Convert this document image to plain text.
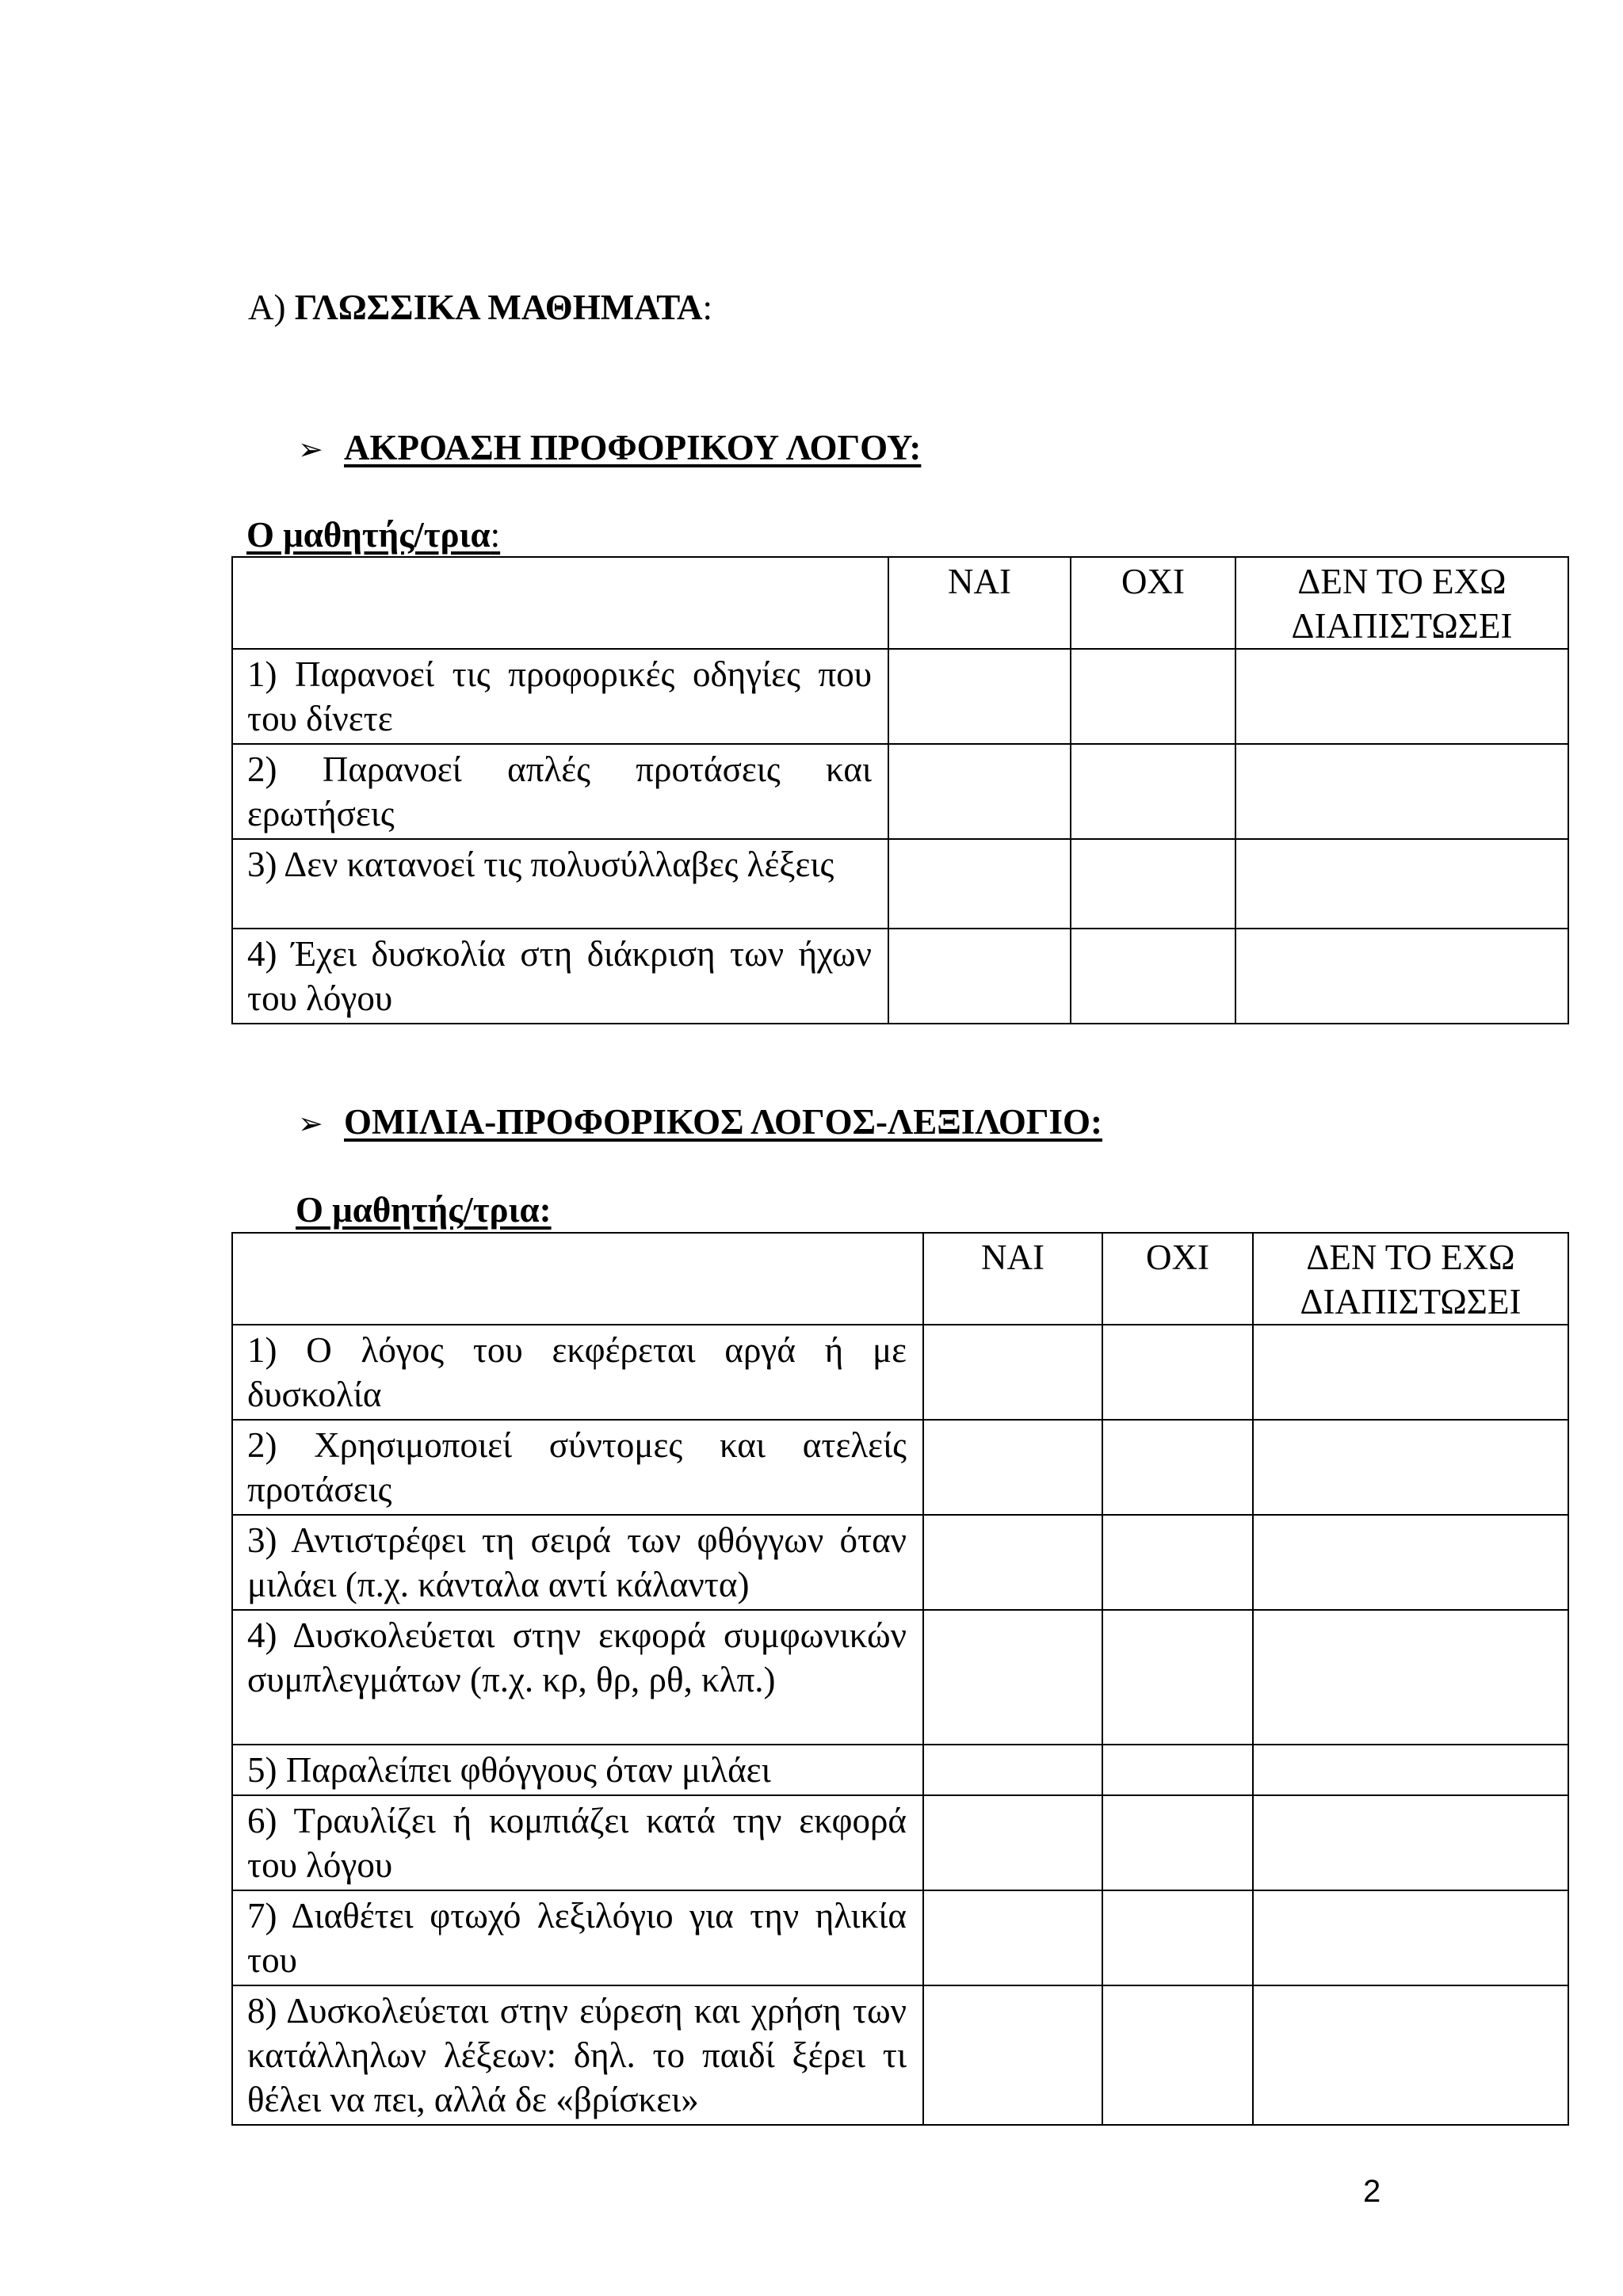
Α) ΓΛΩΣΣΙΚΑ ΜΑΘΗΜΑΤΑ:
➢ ΑΚΡΟΑΣΗ ΠΡΟΦΟΡΙΚΟΥ ΛΟΓΟΥ:
Ο μαθητής/τρια:
	ΝΑΙ	ΟΧΙ	ΔΕΝ ΤΟ ΕΧΩ ΔΙΑΠΙΣΤΩΣΕΙ
1) Παρανοεί τις προφορικές οδηγίες που του δίνετε			
2) Παρανοεί απλές προτάσεις και ερωτήσεις			
3) Δεν κατανοεί τις πολυσύλλαβες λέξεις			
4) Έχει δυσκολία στη διάκριση των ήχων του λόγου			
➢ ΟΜΙΛΙΑ-ΠΡΟΦΟΡΙΚΟΣ ΛΟΓΟΣ-ΛΕΞΙΛΟΓΙΟ:
Ο μαθητής/τρια:
	ΝΑΙ	ΟΧΙ	ΔΕΝ ΤΟ ΕΧΩ ΔΙΑΠΙΣΤΩΣΕΙ
1) Ο λόγος του εκφέρεται αργά ή με δυσκολία			
2) Χρησιμοποιεί σύντομες και ατελείς προτάσεις			
3) Αντιστρέφει τη σειρά των φθόγγων όταν μιλάει (π.χ. κάνταλα αντί κάλαντα)			
4) Δυσκολεύεται στην εκφορά συμφωνικών συμπλεγμάτων (π.χ. κρ, θρ, ρθ, κλπ.)			
5) Παραλείπει φθόγγους όταν μιλάει			
6) Τραυλίζει ή κομπιάζει κατά την εκφορά του λόγου			
7) Διαθέτει φτωχό λεξιλόγιο για την ηλικία του			
8) Δυσκολεύεται στην εύρεση και χρήση των κατάλληλων λέξεων: δηλ. το παιδί ξέρει τι θέλει να πει, αλλά δε «βρίσκει»			
2
